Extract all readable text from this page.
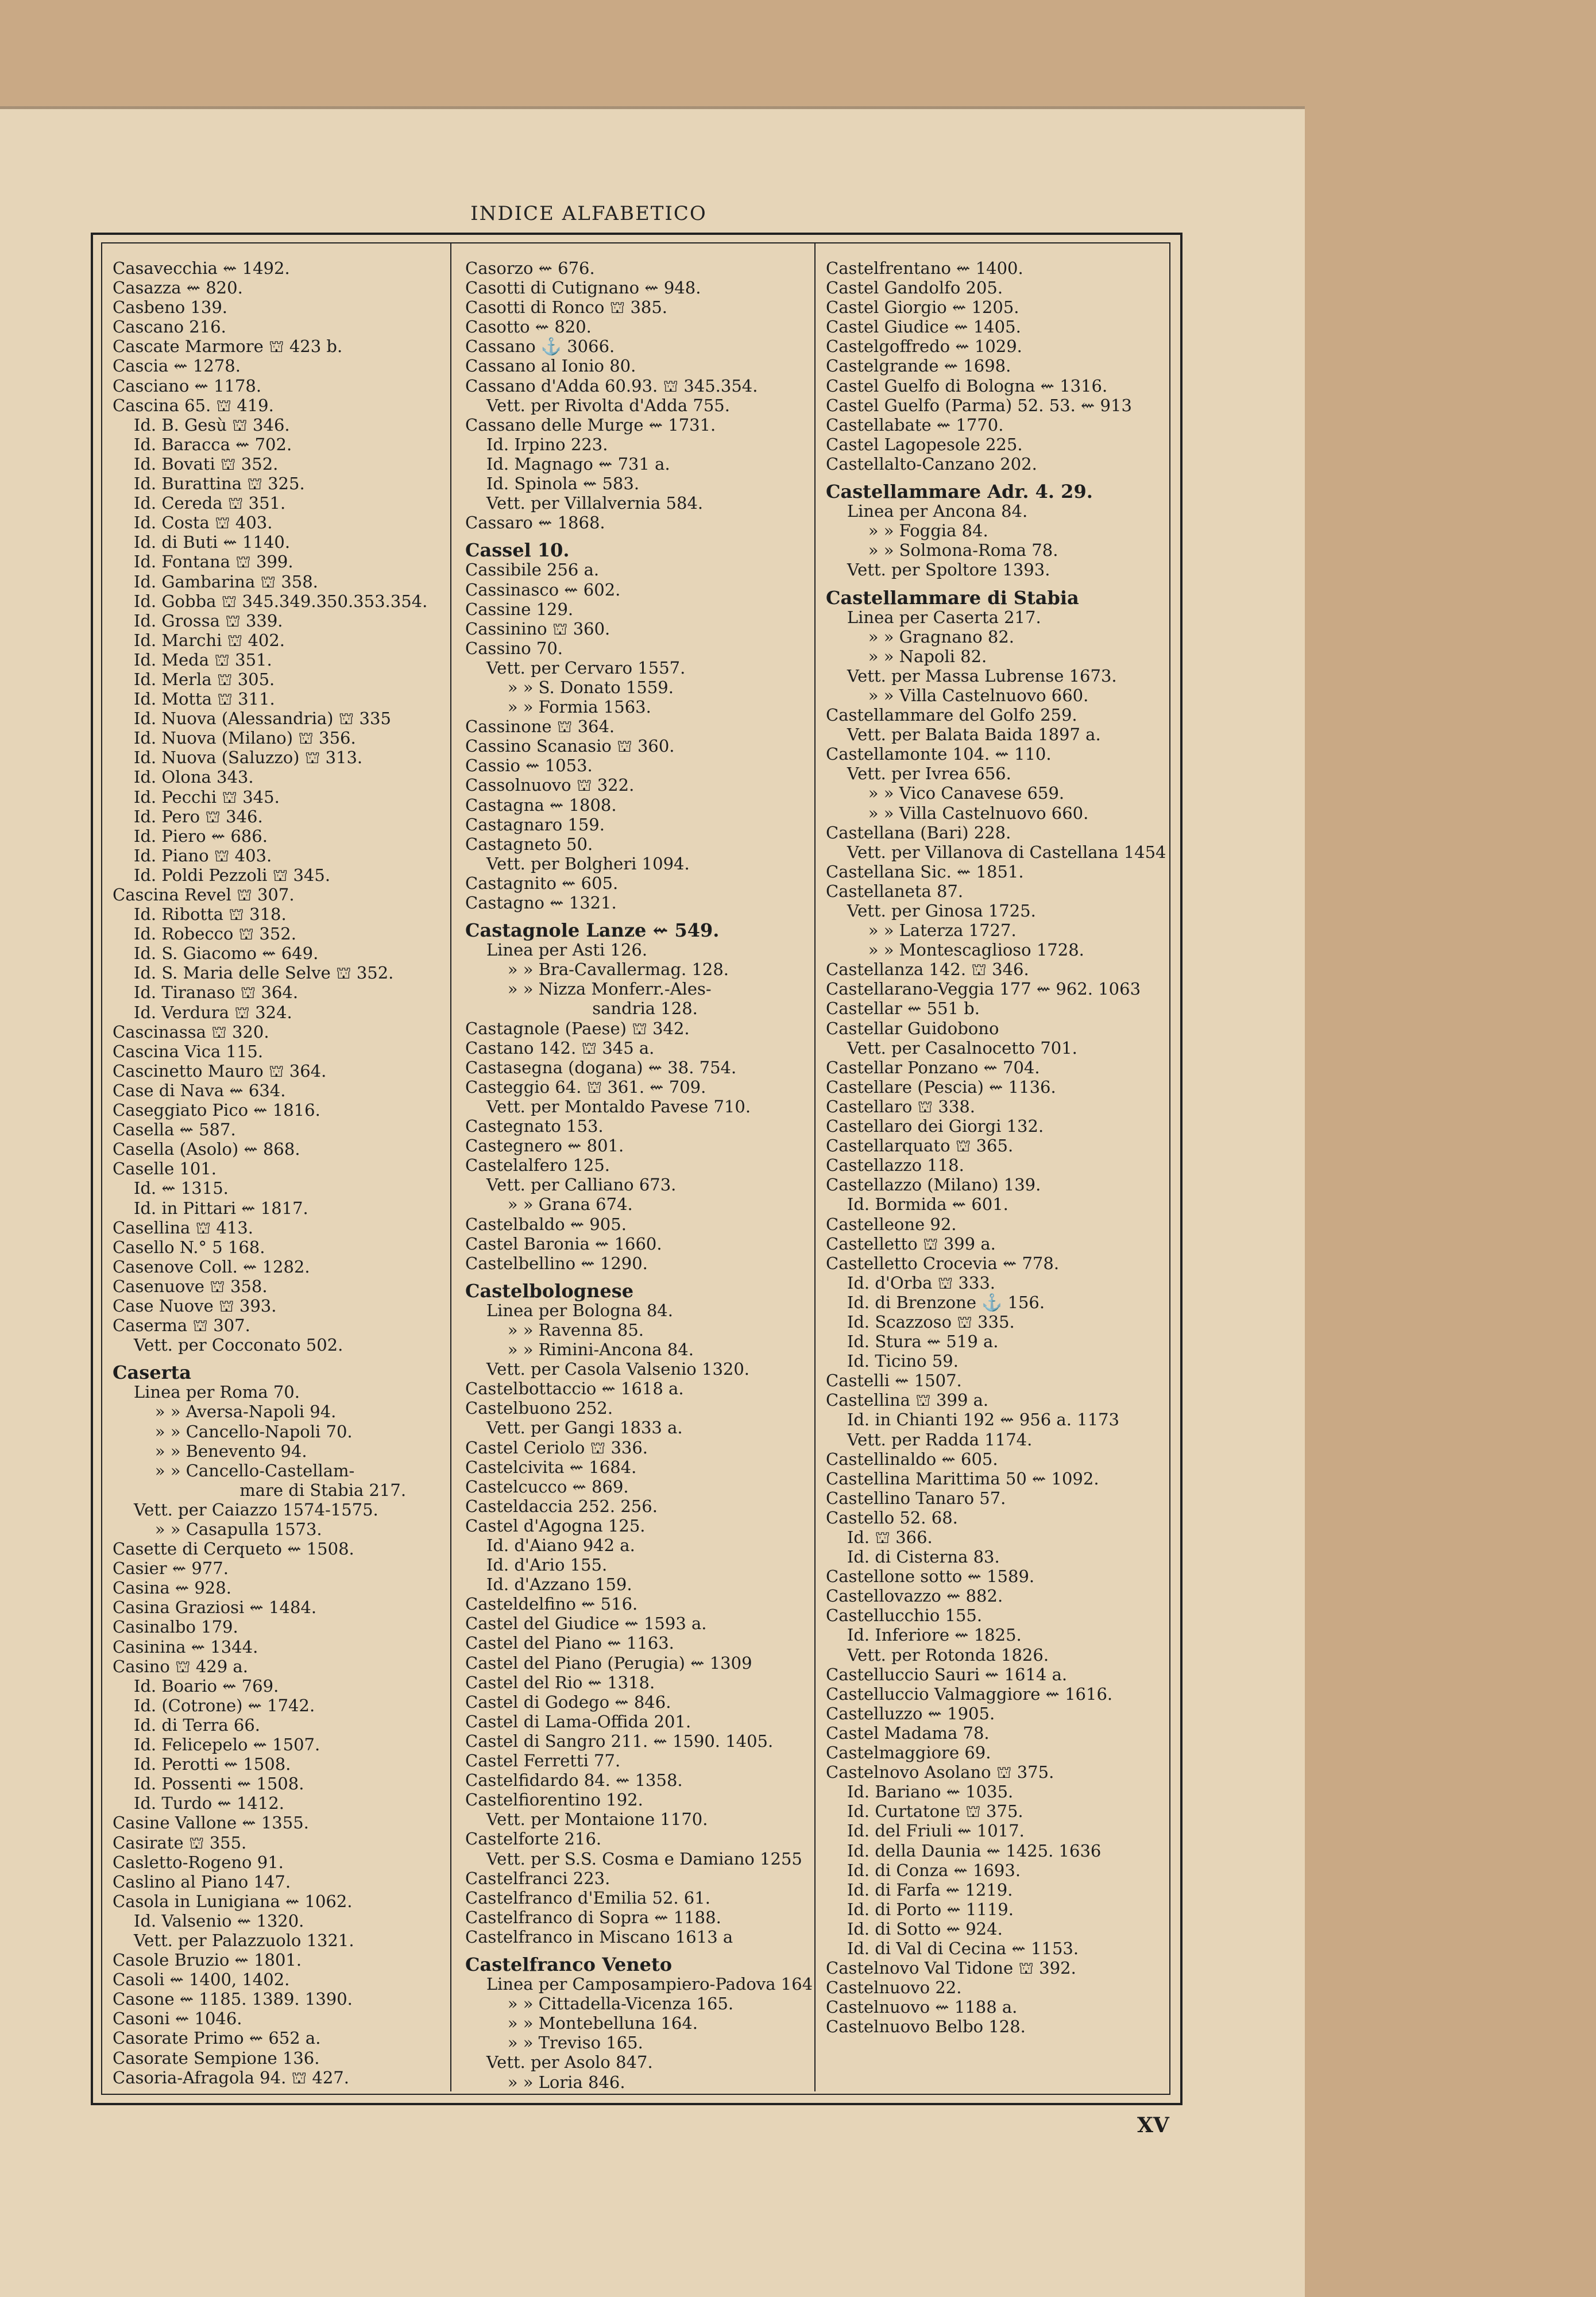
INDICE ALFABETICO
Casavecchia ⇜ 1492.
Casazza ⇜ 820.
Casbeno 139.
Cascano 216.
Cascate Marmore ⛫ 423 b.
Cascia ⇜ 1278.
Casciano ⇜ 1178.
Cascina 65. ⛫ 419.
Id. B. Gesù ⛫ 346.
Id. Baracca ⇜ 702.
Id. Bovati ⛫ 352.
Id. Burattina ⛫ 325.
Id. Cereda ⛫ 351.
Id. Costa ⛫ 403.
Id. di Buti ⇜ 1140.
Id. Fontana ⛫ 399.
Id. Gambarina ⛫ 358.
Id. Gobba ⛫ 345.349.350.353.354.
Id. Grossa ⛫ 339.
Id. Marchi ⛫ 402.
Id. Meda ⛫ 351.
Id. Merla ⛫ 305.
Id. Motta ⛫ 311.
Id. Nuova (Alessandria) ⛫ 335
Id. Nuova (Milano) ⛫ 356.
Id. Nuova (Saluzzo) ⛫ 313.
Id. Olona 343.
Id. Pecchi ⛫ 345.
Id. Pero ⛫ 346.
Id. Piero ⇜ 686.
Id. Piano ⛫ 403.
Id. Poldi Pezzoli ⛫ 345.
Cascina Revel ⛫ 307.
Id. Ribotta ⛫ 318.
Id. Robecco ⛫ 352.
Id. S. Giacomo ⇜ 649.
Id. S. Maria delle Selve ⛫ 352.
Id. Tiranaso ⛫ 364.
Id. Verdura ⛫ 324.
Cascinassa ⛫ 320.
Cascina Vica 115.
Cascinetto Mauro ⛫ 364.
Case di Nava ⇜ 634.
Caseggiato Pico ⇜ 1816.
Casella ⇜ 587.
Casella (Asolo) ⇜ 868.
Caselle 101.
Id. ⇜ 1315.
Id. in Pittari ⇜ 1817.
Casellina ⛫ 413.
Casello N.° 5 168.
Casenove Coll. ⇜ 1282.
Casenuove ⛫ 358.
Case Nuove ⛫ 393.
Caserma ⛫ 307.
Vett. per Cocconato 502.
Caserta
Linea per Roma 70.
» » Aversa-Napoli 94.
» » Cancello-Napoli 70.
» » Benevento 94.
» » Cancello-Castellam-
mare di Stabia 217.
Vett. per Caiazzo 1574-1575.
» » Casapulla 1573.
Casette di Cerqueto ⇜ 1508.
Casier ⇜ 977.
Casina ⇜ 928.
Casina Graziosi ⇜ 1484.
Casinalbo 179.
Casinina ⇜ 1344.
Casino ⛫ 429 a.
Id. Boario ⇜ 769.
Id. (Cotrone) ⇜ 1742.
Id. di Terra 66.
Id. Felicepelo ⇜ 1507.
Id. Perotti ⇜ 1508.
Id. Possenti ⇜ 1508.
Id. Turdo ⇜ 1412.
Casine Vallone ⇜ 1355.
Casirate ⛫ 355.
Casletto-Rogeno 91.
Caslino al Piano 147.
Casola in Lunigiana ⇜ 1062.
Id. Valsenio ⇜ 1320.
Vett. per Palazzuolo 1321.
Casole Bruzio ⇜ 1801.
Casoli ⇜ 1400, 1402.
Casone ⇜ 1185. 1389. 1390.
Casoni ⇜ 1046.
Casorate Primo ⇜ 652 a.
Casorate Sempione 136.
Casoria-Afragola 94. ⛫ 427.
Casorzo ⇜ 676.
Casotti di Cutignano ⇜ 948.
Casotti di Ronco ⛫ 385.
Casotto ⇜ 820.
Cassano ⚓ 3066.
Cassano al Ionio 80.
Cassano d'Adda 60.93. ⛫ 345.354.
Vett. per Rivolta d'Adda 755.
Cassano delle Murge ⇜ 1731.
Id. Irpino 223.
Id. Magnago ⇜ 731 a.
Id. Spinola ⇜ 583.
Vett. per Villalvernia 584.
Cassaro ⇜ 1868.
Cassel 10.
Cassibile 256 a.
Cassinasco ⇜ 602.
Cassine 129.
Cassinino ⛫ 360.
Cassino 70.
Vett. per Cervaro 1557.
» » S. Donato 1559.
» » Formia 1563.
Cassinone ⛫ 364.
Cassino Scanasio ⛫ 360.
Cassio ⇜ 1053.
Cassolnuovo ⛫ 322.
Castagna ⇜ 1808.
Castagnaro 159.
Castagneto 50.
Vett. per Bolgheri 1094.
Castagnito ⇜ 605.
Castagno ⇜ 1321.
Castagnole Lanze ⇜ 549.
Linea per Asti 126.
» » Bra-Cavallermag. 128.
» » Nizza Monferr.-Ales-
sandria 128.
Castagnole (Paese) ⛫ 342.
Castano 142. ⛫ 345 a.
Castasegna (dogana) ⇜ 38. 754.
Casteggio 64. ⛫ 361. ⇜ 709.
Vett. per Montaldo Pavese 710.
Castegnato 153.
Castegnero ⇜ 801.
Castelalfero 125.
Vett. per Calliano 673.
» » Grana 674.
Castelbaldo ⇜ 905.
Castel Baronia ⇜ 1660.
Castelbellino ⇜ 1290.
Castelbolognese
Linea per Bologna 84.
» » Ravenna 85.
» » Rimini-Ancona 84.
Vett. per Casola Valsenio 1320.
Castelbottaccio ⇜ 1618 a.
Castelbuono 252.
Vett. per Gangi 1833 a.
Castel Ceriolo ⛫ 336.
Castelcivita ⇜ 1684.
Castelcucco ⇜ 869.
Casteldaccia 252. 256.
Castel d'Agogna 125.
Id. d'Aiano 942 a.
Id. d'Ario 155.
Id. d'Azzano 159.
Casteldelfino ⇜ 516.
Castel del Giudice ⇜ 1593 a.
Castel del Piano ⇜ 1163.
Castel del Piano (Perugia) ⇜ 1309
Castel del Rio ⇜ 1318.
Castel di Godego ⇜ 846.
Castel di Lama-Offida 201.
Castel di Sangro 211. ⇜ 1590. 1405.
Castel Ferretti 77.
Castelfidardo 84. ⇜ 1358.
Castelfiorentino 192.
Vett. per Montaione 1170.
Castelforte 216.
Vett. per S.S. Cosma e Damiano 1255
Castelfranci 223.
Castelfranco d'Emilia 52. 61.
Castelfranco di Sopra ⇜ 1188.
Castelfranco in Miscano 1613 a
Castelfranco Veneto
Linea per Camposampiero-Padova 164
» » Cittadella-Vicenza 165.
» » Montebelluna 164.
» » Treviso 165.
Vett. per Asolo 847.
» » Loria 846.
Castelfrentano ⇜ 1400.
Castel Gandolfo 205.
Castel Giorgio ⇜ 1205.
Castel Giudice ⇜ 1405.
Castelgoffredo ⇜ 1029.
Castelgrande ⇜ 1698.
Castel Guelfo di Bologna ⇜ 1316.
Castel Guelfo (Parma) 52. 53. ⇜ 913
Castellabate ⇜ 1770.
Castel Lagopesole 225.
Castellalto-Canzano 202.
Castellammare Adr. 4. 29.
Linea per Ancona 84.
» » Foggia 84.
» » Solmona-Roma 78.
Vett. per Spoltore 1393.
Castellammare di Stabia
Linea per Caserta 217.
» » Gragnano 82.
» » Napoli 82.
Vett. per Massa Lubrense 1673.
» » Villa Castelnuovo 660.
Castellammare del Golfo 259.
Vett. per Balata Baida 1897 a.
Castellamonte 104. ⇜ 110.
Vett. per Ivrea 656.
» » Vico Canavese 659.
» » Villa Castelnuovo 660.
Castellana (Bari) 228.
Vett. per Villanova di Castellana 1454
Castellana Sic. ⇜ 1851.
Castellaneta 87.
Vett. per Ginosa 1725.
» » Laterza 1727.
» » Montescaglioso 1728.
Castellanza 142. ⛫ 346.
Castellarano-Veggia 177 ⇜ 962. 1063
Castellar ⇜ 551 b.
Castellar Guidobono
Vett. per Casalnocetto 701.
Castellar Ponzano ⇜ 704.
Castellare (Pescia) ⇜ 1136.
Castellaro ⛫ 338.
Castellaro dei Giorgi 132.
Castellarquato ⛫ 365.
Castellazzo 118.
Castellazzo (Milano) 139.
Id. Bormida ⇜ 601.
Castelleone 92.
Castelletto ⛫ 399 a.
Castelletto Crocevia ⇜ 778.
Id. d'Orba ⛫ 333.
Id. di Brenzone ⚓ 156.
Id. Scazzoso ⛫ 335.
Id. Stura ⇜ 519 a.
Id. Ticino 59.
Castelli ⇜ 1507.
Castellina ⛫ 399 a.
Id. in Chianti 192 ⇜ 956 a. 1173
Vett. per Radda 1174.
Castellinaldo ⇜ 605.
Castellina Marittima 50 ⇜ 1092.
Castellino Tanaro 57.
Castello 52. 68.
Id. ⛫ 366.
Id. di Cisterna 83.
Castellone sotto ⇜ 1589.
Castellovazzo ⇜ 882.
Castellucchio 155.
Id. Inferiore ⇜ 1825.
Vett. per Rotonda 1826.
Castelluccio Sauri ⇜ 1614 a.
Castelluccio Valmaggiore ⇜ 1616.
Castelluzzo ⇜ 1905.
Castel Madama 78.
Castelmaggiore 69.
Castelnovo Asolano ⛫ 375.
Id. Bariano ⇜ 1035.
Id. Curtatone ⛫ 375.
Id. del Friuli ⇜ 1017.
Id. della Daunia ⇜ 1425. 1636
Id. di Conza ⇜ 1693.
Id. di Farfa ⇜ 1219.
Id. di Porto ⇜ 1119.
Id. di Sotto ⇜ 924.
Id. di Val di Cecina ⇜ 1153.
Castelnovo Val Tidone ⛫ 392.
Castelnuovo 22.
Castelnuovo ⇜ 1188 a.
Castelnuovo Belbo 128.
XV
